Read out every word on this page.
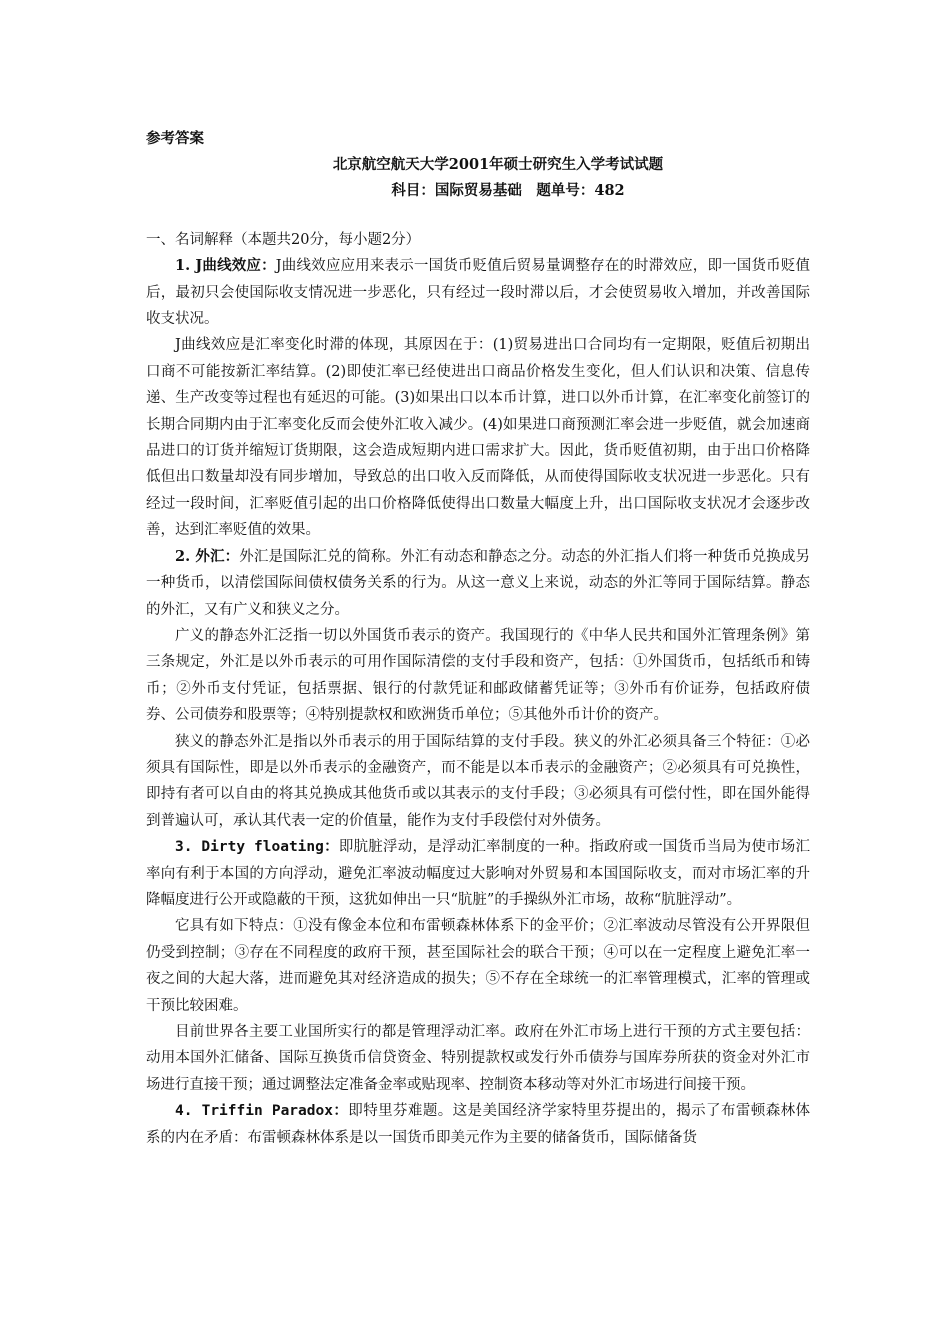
参考答案
北京航空航天大学2001年硕士研究生入学考试试题
科目：国际贸易基础　题单号：482
一、名词解释（本题共20分，每小题2分）

1. J曲线效应：J曲线效应应用来表示一国货币贬值后贸易量调整存在的时滞效应，即一国货币贬值后，最初只会使国际收支情况进一步恶化，只有经过一段时滞以后，才会使贸易收入增加，并改善国际收支状况。

J曲线效应是汇率变化时滞的体现，其原因在于：(1)贸易进出口合同均有一定期限，贬值后初期出口商不可能按新汇率结算。(2)即使汇率已经使进出口商品价格发生变化，但人们认识和决策、信息传递、生产改变等过程也有延迟的可能。(3)如果出口以本币计算，进口以外币计算，在汇率变化前签订的长期合同期内由于汇率变化反而会使外汇收入减少。(4)如果进口商预测汇率会进一步贬值，就会加速商品进口的订货并缩短订货期限，这会造成短期内进口需求扩大。因此，货币贬值初期，由于出口价格降低但出口数量却没有同步增加，导致总的出口收入反而降低，从而使得国际收支状况进一步恶化。只有经过一段时间，汇率贬值引起的出口价格降低使得出口数量大幅度上升，出口国际收支状况才会逐步改善，达到汇率贬值的效果。

2. 外汇：外汇是国际汇兑的简称。外汇有动态和静态之分。动态的外汇指人们将一种货币兑换成另一种货币，以清偿国际间债权债务关系的行为。从这一意义上来说，动态的外汇等同于国际结算。静态的外汇，又有广义和狭义之分。

广义的静态外汇泛指一切以外国货币表示的资产。我国现行的《中华人民共和国外汇管理条例》第三条规定，外汇是以外币表示的可用作国际清偿的支付手段和资产，包括：①外国货币，包括纸币和铸币；②外币支付凭证，包括票据、银行的付款凭证和邮政储蓄凭证等；③外币有价证券，包括政府债券、公司债券和股票等；④特别提款权和欧洲货币单位；⑤其他外币计价的资产。

狭义的静态外汇是指以外币表示的用于国际结算的支付手段。狭义的外汇必须具备三个特征：①必须具有国际性，即是以外币表示的金融资产，而不能是以本币表示的金融资产；②必须具有可兑换性，即持有者可以自由的将其兑换成其他货币或以其表示的支付手段；③必须具有可偿付性，即在国外能得到普遍认可，承认其代表一定的价值量，能作为支付手段偿付对外债务。

3. Dirty floating：即肮脏浮动，是浮动汇率制度的一种。指政府或一国货币当局为使市场汇率向有利于本国的方向浮动，避免汇率波动幅度过大影响对外贸易和本国国际收支，而对市场汇率的升降幅度进行公开或隐蔽的干预，这犹如伸出一只“肮脏”的手操纵外汇市场，故称“肮脏浮动”。

它具有如下特点：①没有像金本位和布雷顿森林体系下的金平价；②汇率波动尽管没有公开界限但仍受到控制；③存在不同程度的政府干预，甚至国际社会的联合干预；④可以在一定程度上避免汇率一夜之间的大起大落，进而避免其对经济造成的损失；⑤不存在全球统一的汇率管理模式，汇率的管理或干预比较困难。

目前世界各主要工业国所实行的都是管理浮动汇率。政府在外汇市场上进行干预的方式主要包括：动用本国外汇储备、国际互换货币信贷资金、特别提款权或发行外币债券与国库券所获的资金对外汇市场进行直接干预；通过调整法定准备金率或贴现率、控制资本移动等对外汇市场进行间接干预。

4. Triffin Paradox：即特里芬难题。这是美国经济学家特里芬提出的，揭示了布雷顿森林体系的内在矛盾：布雷顿森林体系是以一国货币即美元作为主要的储备货币，国际储备货
